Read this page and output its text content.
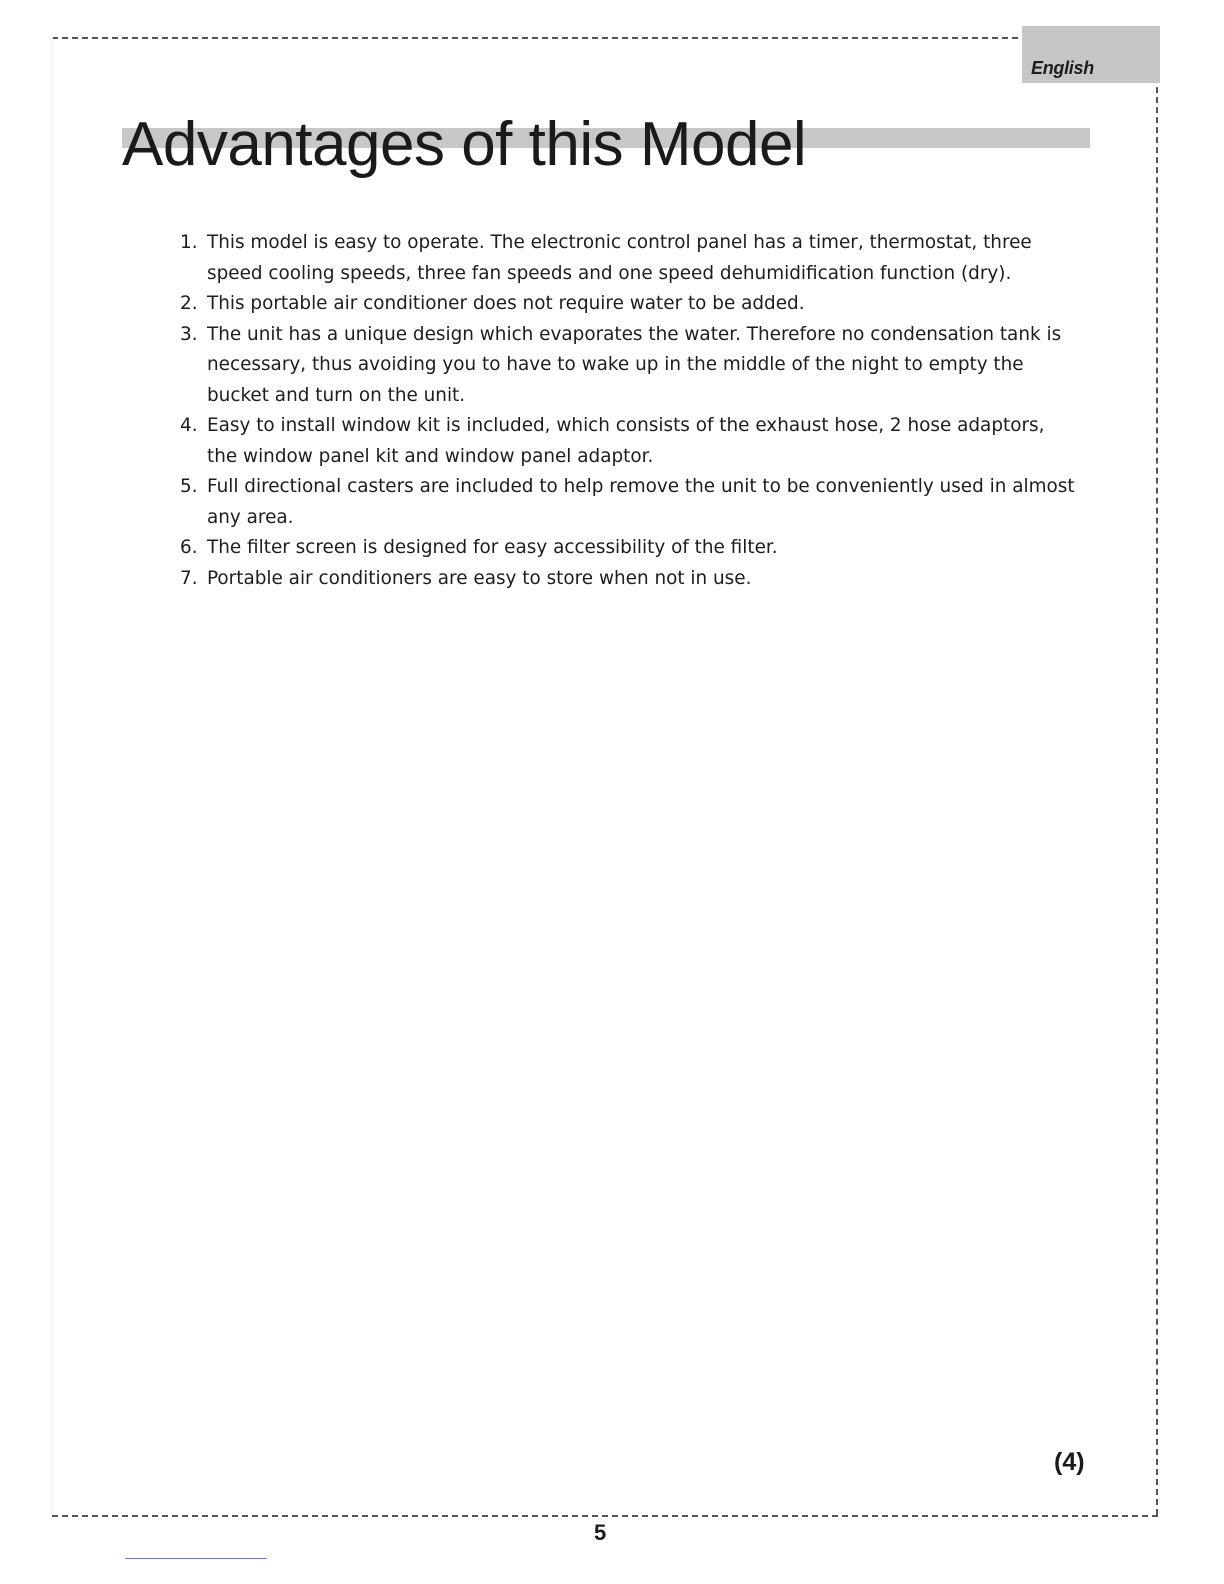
English
Advantages of this Model
1. This model is easy to operate. The electronic control panel has a timer, thermostat, three speed cooling speeds, three fan speeds and one speed dehumidification function (dry).
2. This portable air conditioner does not require water to be added.
3. The unit has a unique design which evaporates the water. Therefore no condensation tank is necessary, thus avoiding you to have to wake up in the middle of the night to empty the bucket and turn on the unit.
4. Easy to install window kit is included, which consists of the exhaust hose, 2 hose adaptors, the window panel kit and window panel adaptor.
5. Full directional casters are included to help remove the unit to be conveniently used in almost any area.
6. The filter screen is designed for easy accessibility of the filter.
7. Portable air conditioners are easy to store when not in use.
(4)
5
